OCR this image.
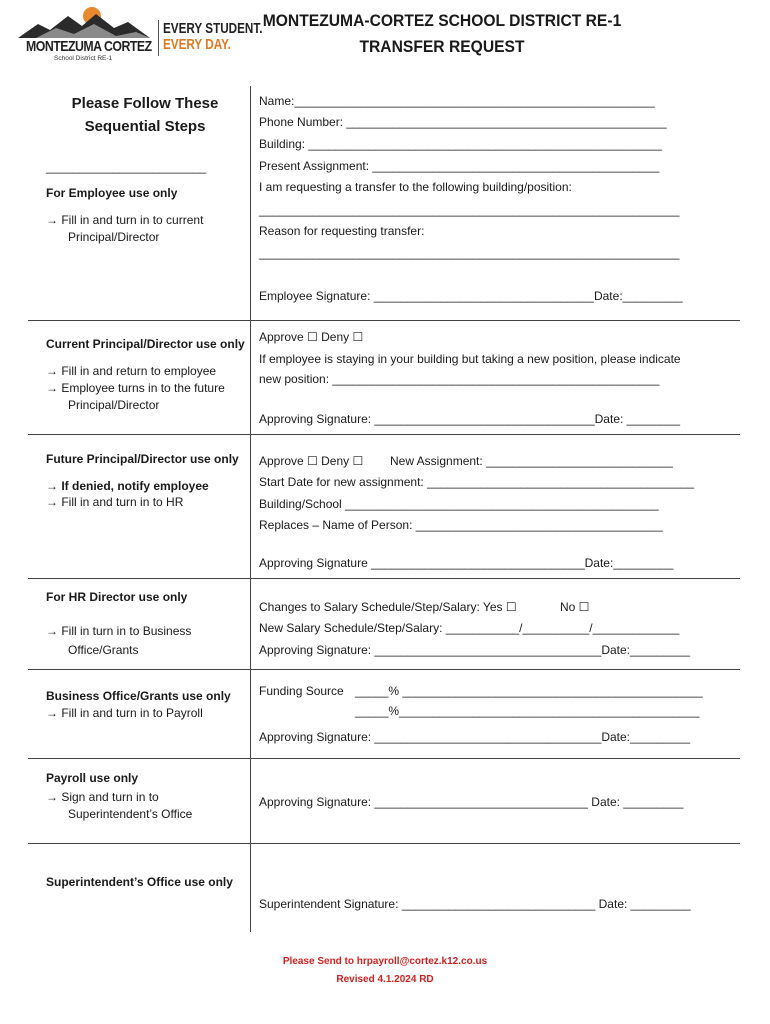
MONTEZUMA CORTEZ
School District RE-1
EVERY STUDENT.
EVERY DAY.
MONTEZUMA-CORTEZ SCHOOL DISTRICT RE-1
TRANSFER REQUEST
Please Follow These
Sequential Steps
________________________
For Employee use only
→ Fill in and turn in to current
Principal/Director
Current Principal/Director use only
→ Fill in and return to employee
→ Employee turns in to the future
Principal/Director
Future Principal/Director use only
→ If denied, notify employee
→ Fill in and turn in to HR
For HR Director use only
→ Fill in turn in to Business
Office/Grants
Business Office/Grants use only
→ Fill in and turn in to Payroll
Payroll use only
→ Sign and turn in to
Superintendent’s Office
Superintendent’s Office use only
Name:______________________________________________________
Phone Number: ________________________________________________
Building: _____________________________________________________
Present Assignment: ___________________________________________
I am requesting a transfer to the following building/position:
_______________________________________________________________
Reason for requesting transfer:
_______________________________________________________________
Employee Signature: _________________________________Date:_________
Approve ☐ Deny ☐
If employee is staying in your building but taking a new position, please indicate
new position: _________________________________________________
Approving Signature: _________________________________Date: ________
Approve ☐ Deny ☐ New Assignment: ____________________________
Start Date for new assignment: ________________________________________
Building/School _______________________________________________
Replaces – Name of Person: _____________________________________
Approving Signature ________________________________Date:_________
Changes to Salary Schedule/Step/Salary: Yes ☐	No ☐
New Salary Schedule/Step/Salary: ___________/__________/_____________
Approving Signature: __________________________________Date:_________
Funding Source _____% _____________________________________________
_____%_____________________________________________
Approving Signature: __________________________________Date:_________
Approving Signature: ________________________________ Date: _________
Superintendent Signature: _____________________________ Date: _________
Please Send to hrpayroll@cortez.k12.co.us
Revised 4.1.2024 RD
